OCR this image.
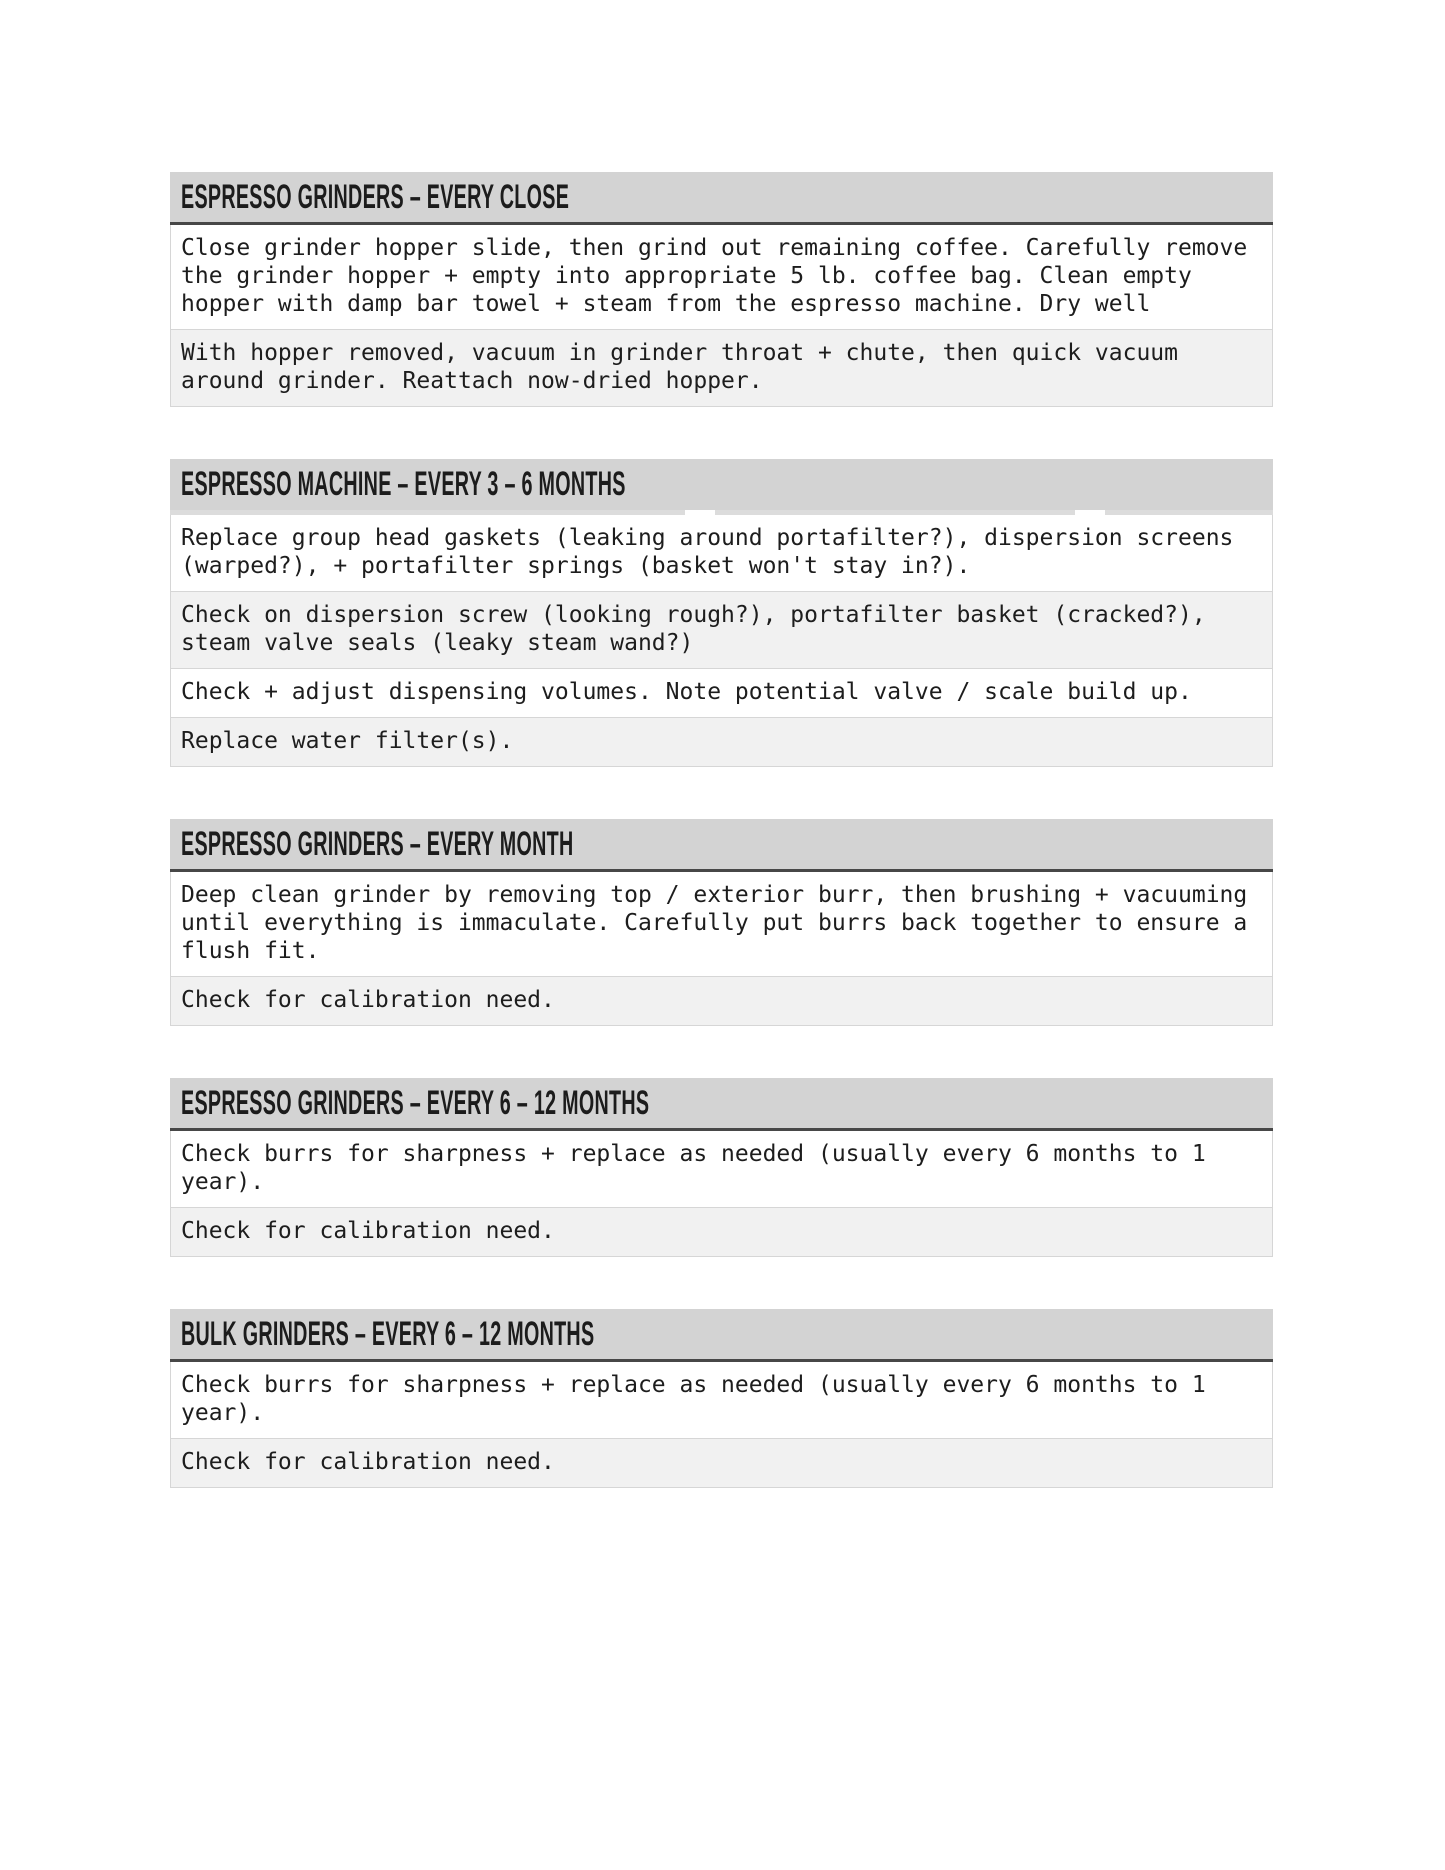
ESPRESSO GRINDERS – EVERY CLOSE
Close grinder hopper slide, then grind out remaining coffee. Carefully remove the grinder hopper + empty into appropriate 5 lb. coffee bag. Clean empty hopper with damp bar towel + steam from the espresso machine. Dry well
With hopper removed, vacuum in grinder throat + chute, then quick vacuum around grinder. Reattach now-dried hopper.
ESPRESSO MACHINE – EVERY 3 – 6 MONTHS
Replace group head gaskets (leaking around portafilter?), dispersion screens (warped?), + portafilter springs (basket won't stay in?).
Check on dispersion screw (looking rough?), portafilter basket (cracked?), steam valve seals (leaky steam wand?)
Check + adjust dispensing volumes. Note potential valve / scale build up.
Replace water filter(s).
ESPRESSO GRINDERS – EVERY MONTH
Deep clean grinder by removing top / exterior burr, then brushing + vacuuming until everything is immaculate. Carefully put burrs back together to ensure a flush fit.
Check for calibration need.
ESPRESSO GRINDERS – EVERY 6 – 12 MONTHS
Check burrs for sharpness + replace as needed (usually every 6 months to 1 year).
Check for calibration need.
BULK GRINDERS – EVERY 6 – 12 MONTHS
Check burrs for sharpness + replace as needed (usually every 6 months to 1 year).
Check for calibration need.
